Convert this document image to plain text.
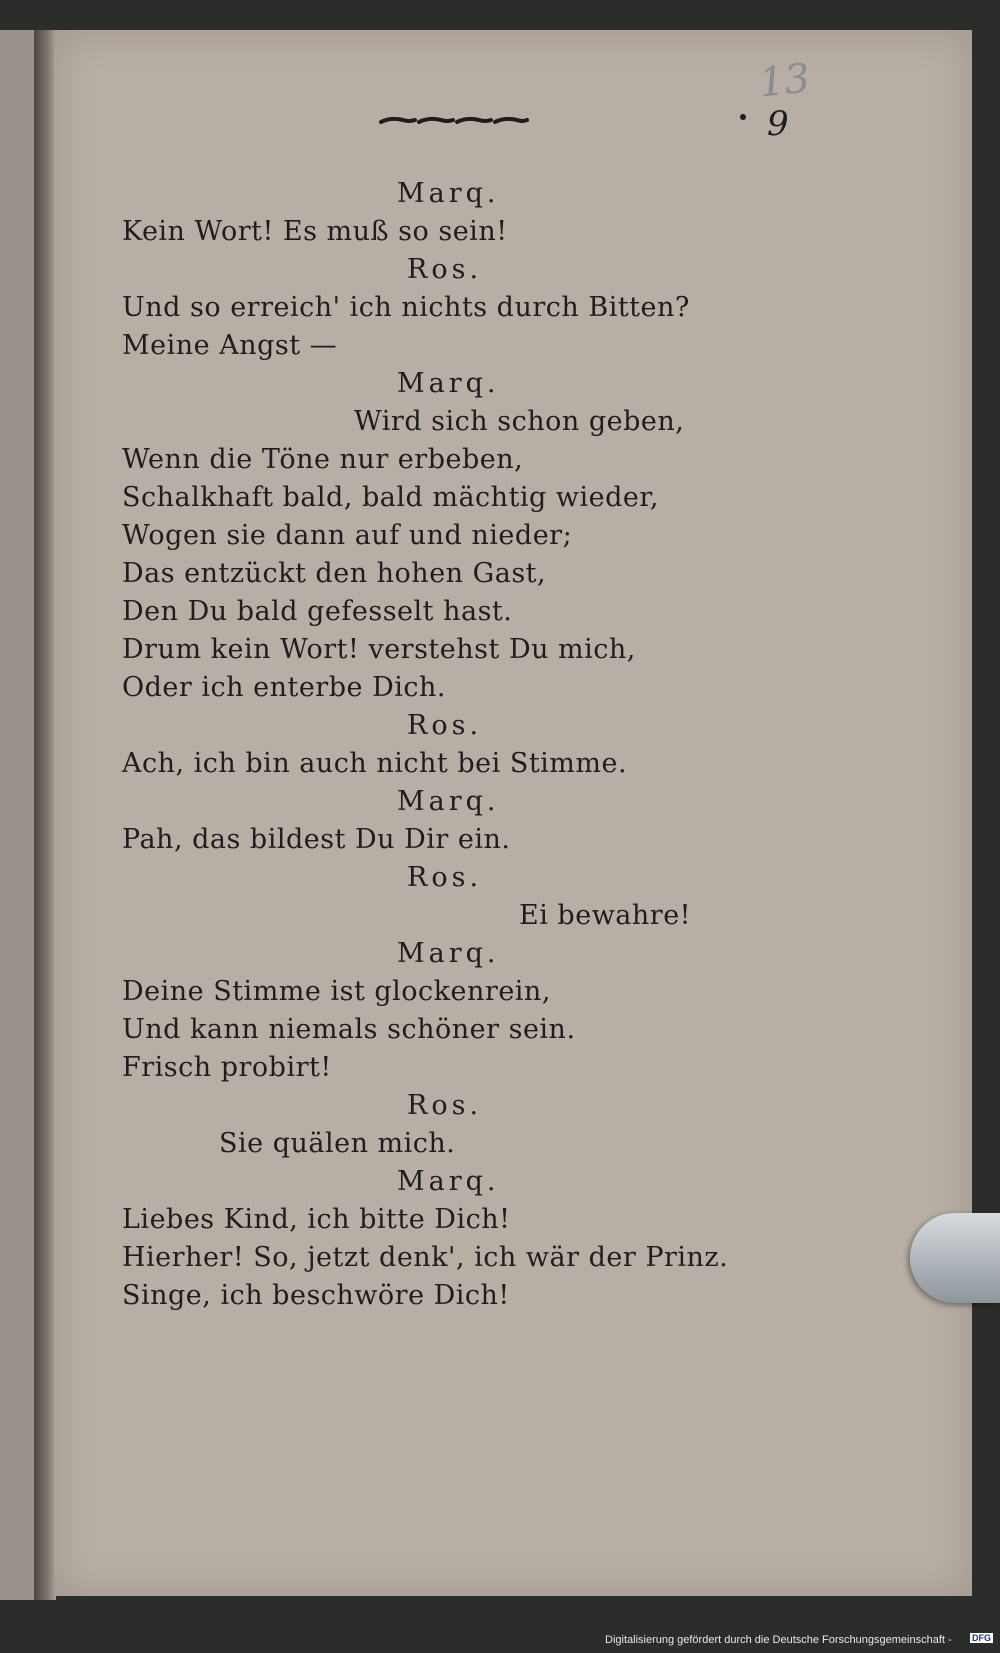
13
9
Marq.
Kein Wort! Es muß so sein!
Ros.
Und so erreich' ich nichts durch Bitten?
Meine Angst —
Marq.
Wird sich schon geben,
Wenn die Töne nur erbeben,
Schalkhaft bald, bald mächtig wieder,
Wogen sie dann auf und nieder;
Das entzückt den hohen Gast,
Den Du bald gefesselt hast.
Drum kein Wort! verstehst Du mich,
Oder ich enterbe Dich.
Ros.
Ach, ich bin auch nicht bei Stimme.
Marq.
Pah, das bildest Du Dir ein.
Ros.
Ei bewahre!
Marq.
Deine Stimme ist glockenrein,
Und kann niemals schöner sein.
Frisch probirt!
Ros.
Sie quälen mich.
Marq.
Liebes Kind, ich bitte Dich!
Hierher! So, jetzt denk', ich wär der Prinz.
Singe, ich beschwöre Dich!
Digitalisierung gefördert durch die Deutsche Forschungsgemeinschaft - DFG
